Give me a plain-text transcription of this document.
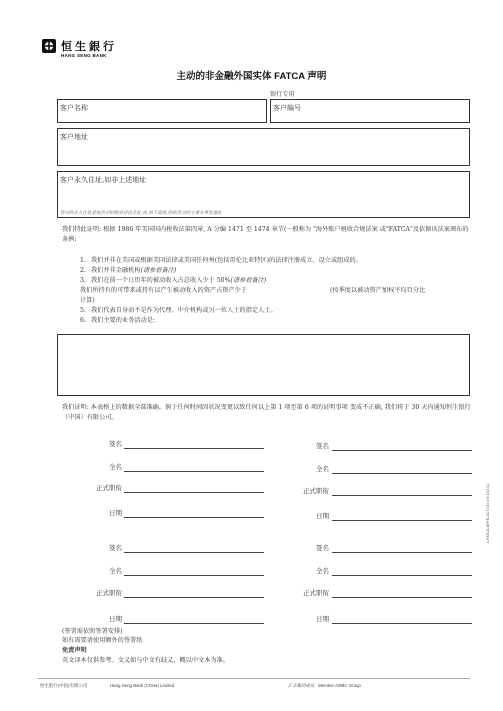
恒生銀行
HANG SENG BANK
主动的非金融外国实体 FATCA 声明
银行专用
客户名称	客户编号
客户地址
客户永久住址,如非上述地址
贵司的永久住址是指贵司的税务居民住址,或,如不适用,则指贵司的主要办事处地址
我们特此证明: 根据 1986 年美国国内税收法第四章, A 分编 1471 至 1474 章节(一般称为 "海外账户税收合规法案 或"FATCA"及依据该法案颁布的条例:
1. 我们并非在美国或根据美国法律或美国任何州(包括哥伦比亚特区)的法律注册成立、设立或组成的。
2. 我们并非金融机构(请参看备注)
3. 我们在前一个日历年的被动收入占总收入少于 50%(请参看备注)
我们所持有的可带来或持有以产生被动收入的资产占资产少于	(按季度以被动资产加权平均百分比
计算)
5. 我们代表自身而不是作为代理、中介机构或另一位人士的指定人士。
6. 我们主要的业务活动是:
我们证明: 本表格上的数据全部准确。倘于任何时间因状况变更以致任何以上第 1 项至第 6 项的证明事项 变成不正确, 我们将于 30 天内通知恒生银行（中国）有限公司。
签名
全名
正式职衔
日期
签名
全名
正式职衔
日期
签名
全名
正式职衔
日期
签名
全名
正式职衔
日期
L-FATCA-NFFE-ACT-CN (v.9.1/13 C)
(签署需依照签署安排)
如有需要请使用额外的签署纸
免责声明
英文译本仅供参考。文义如与中文有歧义，概以中文本为准。
恒生银行(中国)有限公司	Hang Seng Bank (China) Limited	汇丰集团成员 Member HSBC Group
